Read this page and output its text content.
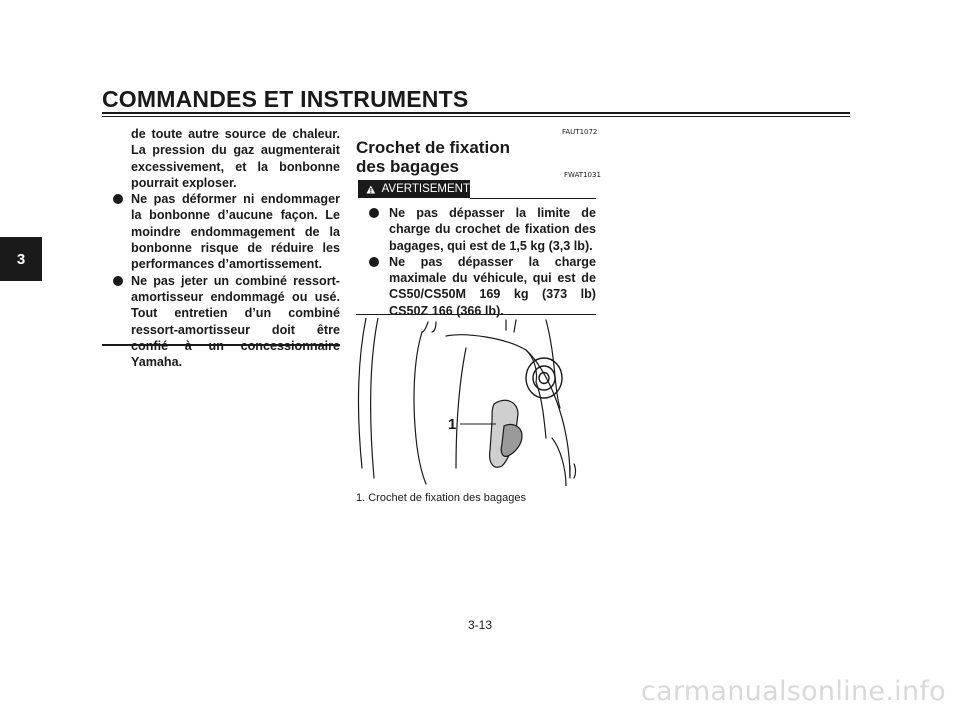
COMMANDES ET INSTRUMENTS
3

de toute autre source de chaleur. La pression du gaz augmenterait excessivement, et la bonbonne pourrait exploser.

Ne pas déformer ni endommager la bonbonne d’aucune façon. Le moindre endommagement de la bonbonne risque de réduire les performances d’amortissement.

Ne pas jeter un combiné ressort-amortisseur endommagé ou usé. Tout entretien d’un combiné ressort-amortisseur doit être confié à un concessionnaire Yamaha.

FAUT1072
Crochet de fixation des bagages	FWAT1031
AVERTISEMENT

Ne pas dépasser la limite de charge du crochet de fixation des bagages, qui est de 1,5 kg (3,3 lb).

Ne pas dépasser la charge maximale du véhicule, qui est de CS50/CS50M 169 kg (373 lb) CS50Z 166 (366 lb).

1
1. Crochet de fixation des bagages
3-13
carmanualsonline.info
